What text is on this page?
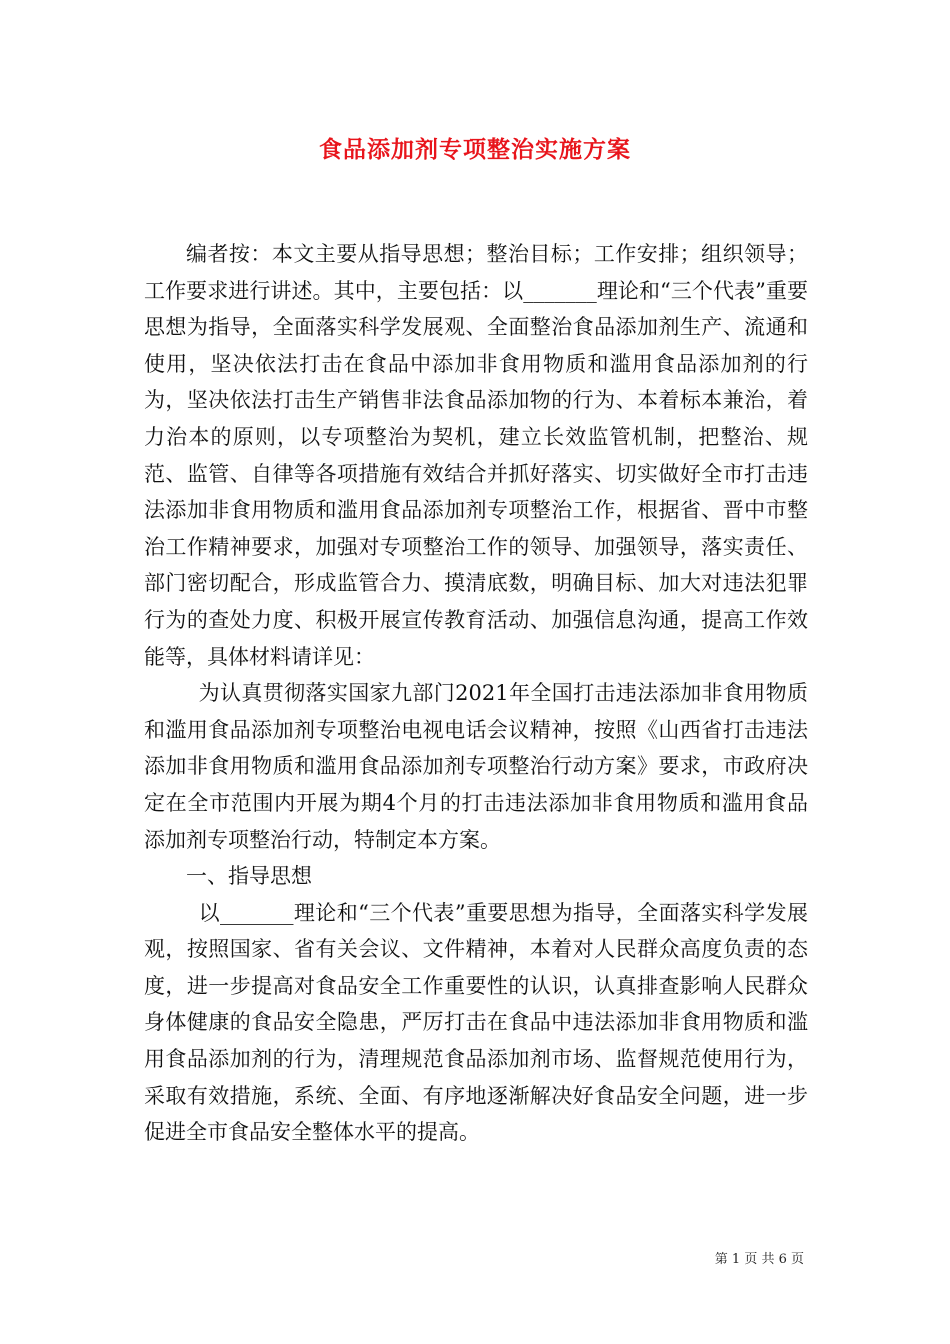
食品添加剂专项整治实施方案

编者按：本文主要从指导思想；整治目标；工作安排；组织领导；工作要求进行讲述。其中，主要包括：以_______理论和“三个代表”重要思想为指导，全面落实科学发展观、全面整治食品添加剂生产、流通和使用，坚决依法打击在食品中添加非食用物质和滥用食品添加剂的行为，坚决依法打击生产销售非法食品添加物的行为、本着标本兼治，着力治本的原则，以专项整治为契机，建立长效监管机制，把整治、规范、监管、自律等各项措施有效结合并抓好落实、切实做好全市打击违法添加非食用物质和滥用食品添加剂专项整治工作，根据省、晋中市整治工作精神要求，加强对专项整治工作的领导、加强领导，落实责任、部门密切配合，形成监管合力、摸清底数，明确目标、加大对违法犯罪行为的查处力度、积极开展宣传教育活动、加强信息沟通，提高工作效能等，具体材料请详见：

为认真贯彻落实国家九部门2021年全国打击违法添加非食用物质和滥用食品添加剂专项整治电视电话会议精神，按照《山西省打击违法添加非食用物质和滥用食品添加剂专项整治行动方案》要求，市政府决定在全市范围内开展为期4个月的打击违法添加非食用物质和滥用食品添加剂专项整治行动，特制定本方案。

一、指导思想

以_______理论和“三个代表”重要思想为指导，全面落实科学发展观，按照国家、省有关会议、文件精神，本着对人民群众高度负责的态度，进一步提高对食品安全工作重要性的认识，认真排查影响人民群众身体健康的食品安全隐患，严厉打击在食品中违法添加非食用物质和滥用食品添加剂的行为，清理规范食品添加剂市场、监督规范使用行为，采取有效措施，系统、全面、有序地逐渐解决好食品安全问题，进一步促进全市食品安全整体水平的提高。

第 1 页 共 6 页
